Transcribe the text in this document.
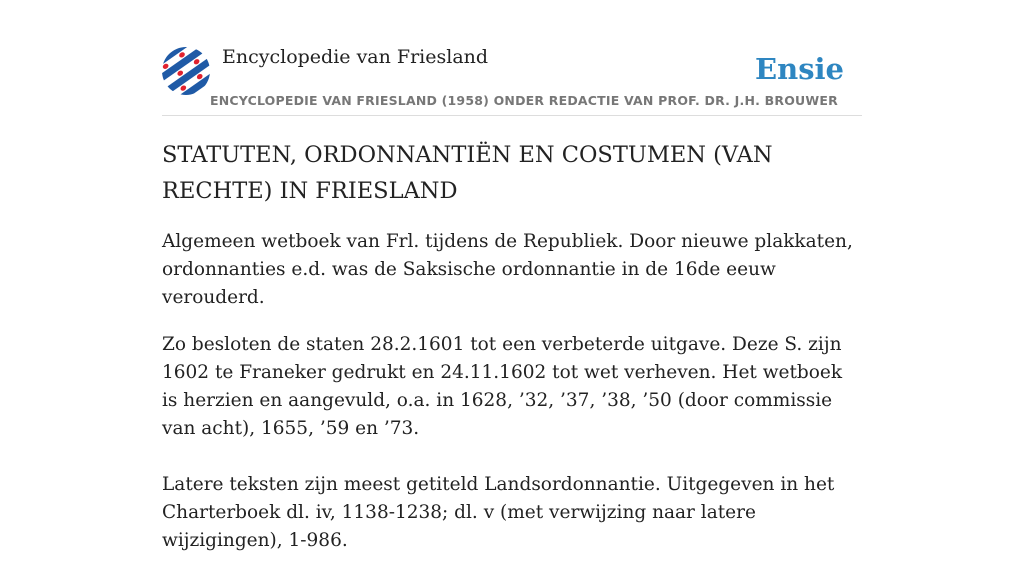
Encyclopedie van Friesland	Ensie
ENCYCLOPEDIE VAN FRIESLAND (1958) ONDER REDACTIE VAN PROF. DR. J.H. BROUWER
STATUTEN, ORDONNANTIËN EN COSTUMEN (VAN RECHTE) IN FRIESLAND

Algemeen wetboek van Frl. tijdens de Republiek. Door nieuwe plakkaten, ordonnanties e.d. was de Saksische ordonnantie in de 16de eeuw verouderd.

Zo besloten de staten 28.2.1601 tot een verbeterde uitgave. Deze S. zijn 1602 te Franeker gedrukt en 24.11.1602 tot wet verheven. Het wetboek is herzien en aangevuld, o.a. in 1628, ’32, ’37, ’38, ’50 (door commissie van acht), 1655, ’59 en ’73.

Latere teksten zijn meest getiteld Landsordonnantie. Uitgegeven in het Charterboek dl. iv, 1138-1238; dl. v (met verwijzing naar latere wijzigingen), 1-986.
